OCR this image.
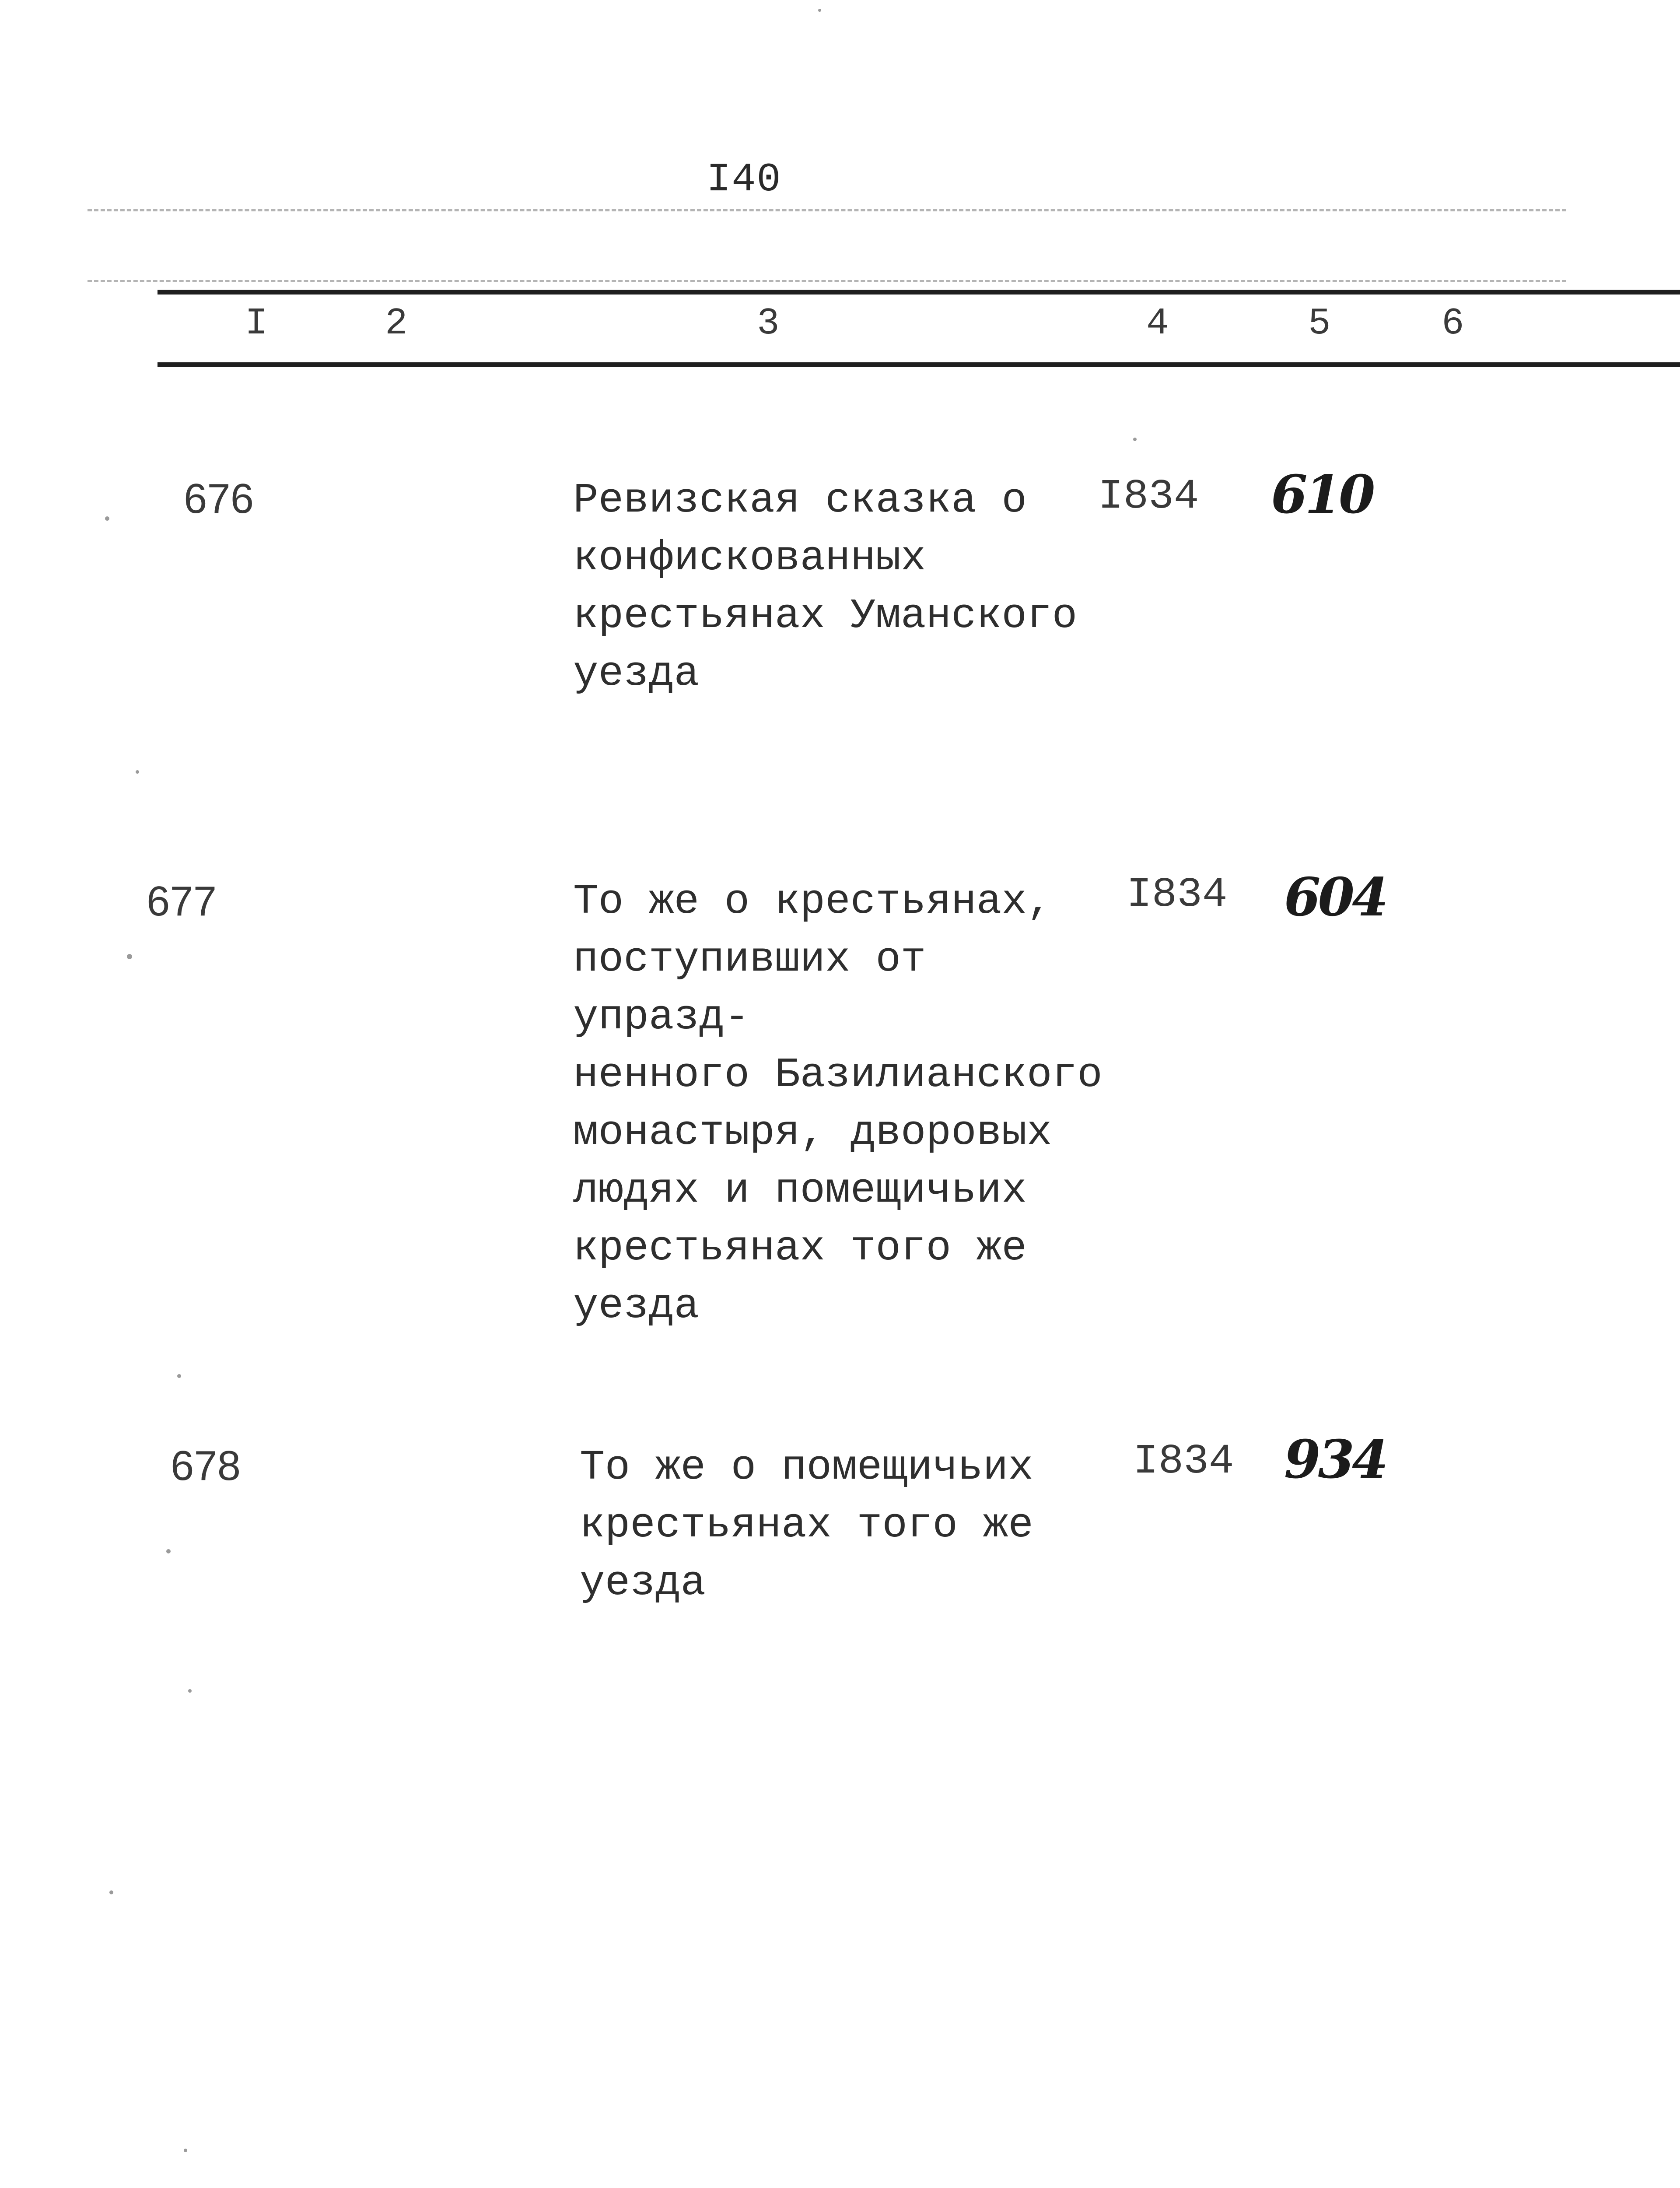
I40
I	2	3	4	5	6
676	Ревизская сказка о
конфискованных
крестьянах Уманского
уезда
I834 610
677	То же о крестьянах,
поступивших от упразд-
ненного Базилианского
монастыря, дворовых
людях и помещичьих
крестьянах того же
уезда
I834 604
678	То же о помещичьих
крестьянах того же
уезда
I834 934
